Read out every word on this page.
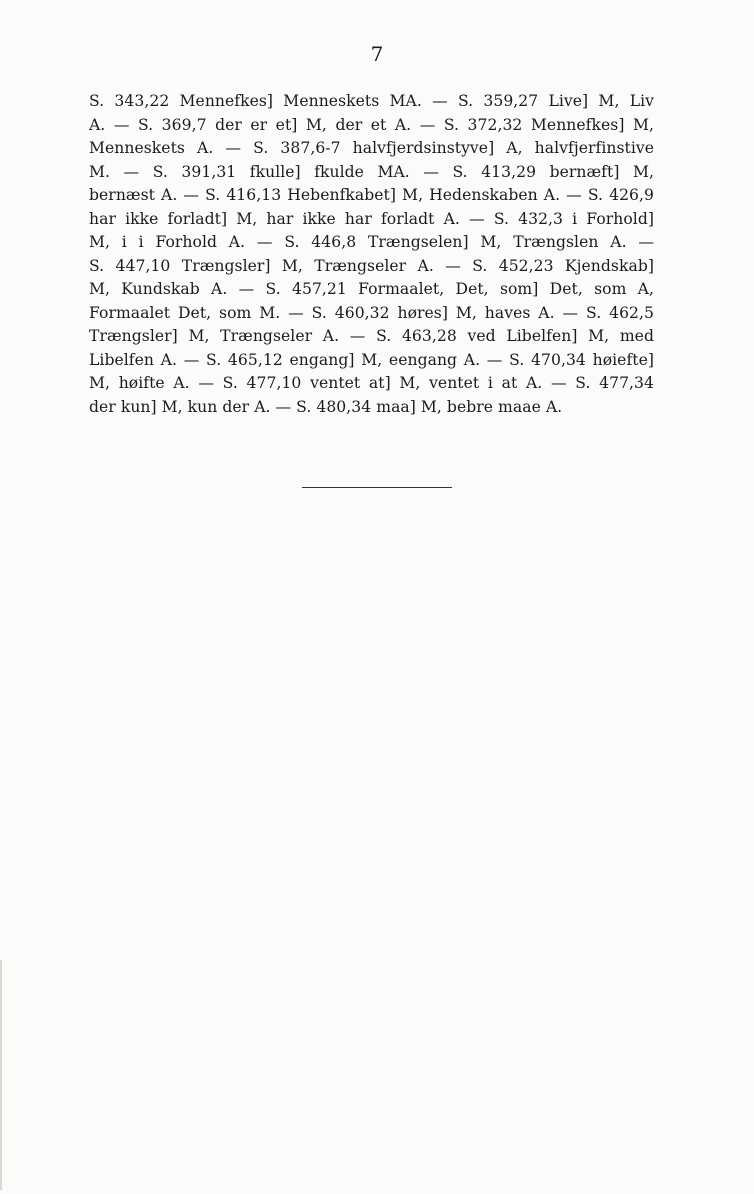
7
S. 343,22 Mennefkes] Menneskets MA. — S. 359,27 Live] M, Liv
A. — S. 369,7 der er et] M, der et A. — S. 372,32 Mennefkes] M,
Menneskets A. — S. 387,6-7 halvfjerdsinstyve] A, halvfjerfinstive
M. — S. 391,31 fkulle] fkulde MA. — S. 413,29 bernæft] M,
bernæst A. — S. 416,13 Hebenfkabet] M, Hedenskaben A. — S. 426,9
har ikke forladt] M, har ikke har forladt A. — S. 432,3 i Forhold]
M, i i Forhold A. — S. 446,8 Trængselen] M, Trængslen A. —
S. 447,10 Trængsler] M, Trængseler A. — S. 452,23 Kjendskab]
M, Kundskab A. — S. 457,21 Formaalet, Det, som] Det, som A,
Formaalet Det, som M. — S. 460,32 høres] M, haves A. — S. 462,5
Trængsler] M, Trængseler A. — S. 463,28 ved Libelfen] M, med
Libelfen A. — S. 465,12 engang] M, eengang A. — S. 470,34 høiefte]
M, høifte A. — S. 477,10 ventet at] M, ventet i at A. — S. 477,34
der kun] M, kun der A. — S. 480,34 maa] M, bebre maae A.
